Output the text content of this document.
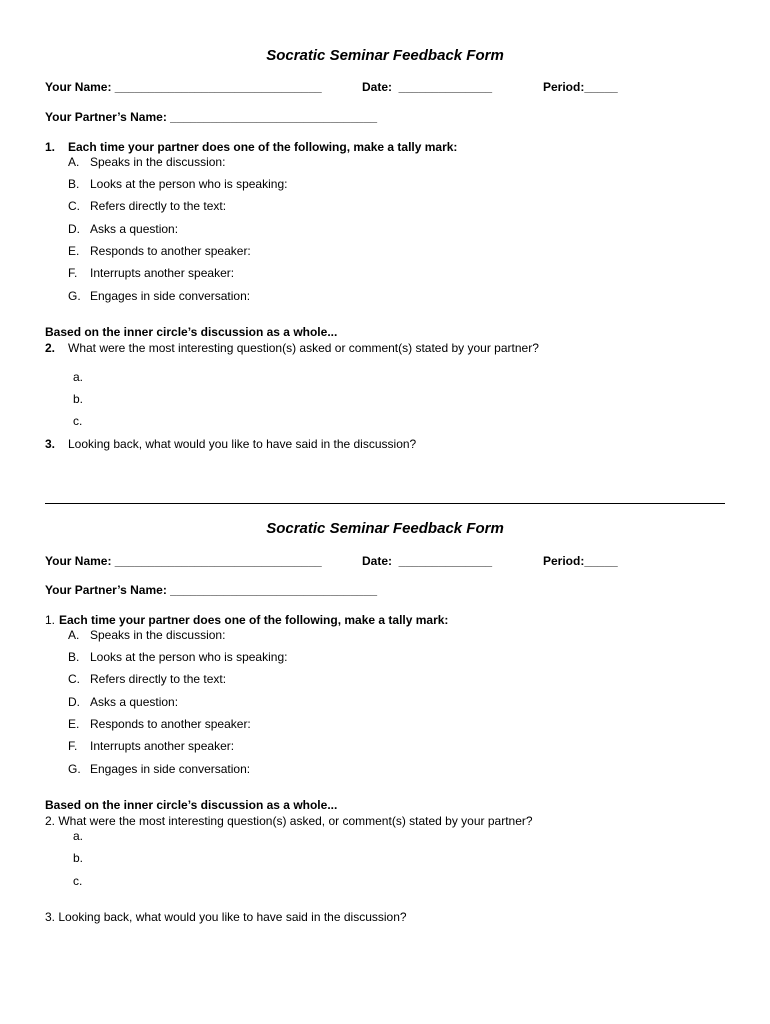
Socratic Seminar Feedback Form

Your Name: _______________________________	Date:  ______________	Period:_____

Your Partner’s Name: _______________________________

1. Each time your partner does one of the following, make a tally mark:

A. Speaks in the discussion:

B. Looks at the person who is speaking:

C. Refers directly to the text:

D. Asks a question:

E. Responds to another speaker:

F. Interrupts another speaker:

G. Engages in side conversation:

Based on the inner circle’s discussion as a whole...

2. What were the most interesting question(s) asked or comment(s) stated by your partner?

a.

b.

c.

3. Looking back, what would you like to have said in the discussion?

Socratic Seminar Feedback Form

Your Name: _______________________________	Date:  ______________	Period:_____

Your Partner’s Name: _______________________________

1. Each time your partner does one of the following, make a tally mark:

A. Speaks in the discussion:

B. Looks at the person who is speaking:

C. Refers directly to the text:

D. Asks a question:

E. Responds to another speaker:

F. Interrupts another speaker:

G. Engages in side conversation:

Based on the inner circle’s discussion as a whole...

2. What were the most interesting question(s) asked, or comment(s) stated by your partner?

a.

b.

c.

3. Looking back, what would you like to have said in the discussion?
